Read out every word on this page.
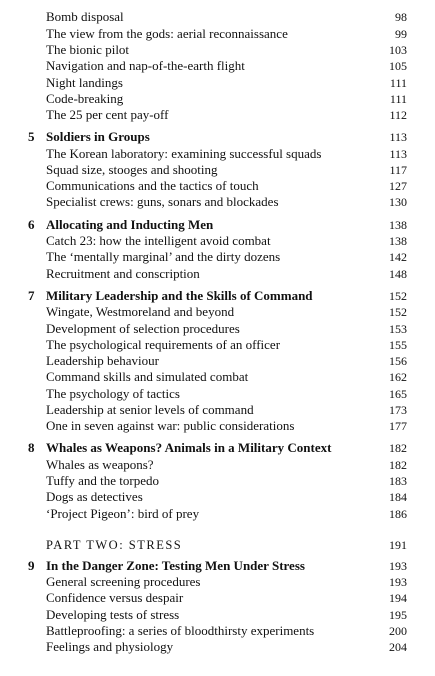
Bomb disposal	98
The view from the gods: aerial reconnaissance	99
The bionic pilot	103
Navigation and nap-of-the-earth flight	105
Night landings	111
Code-breaking	111
The 25 per cent pay-off	112
5 Soldiers in Groups	113
The Korean laboratory: examining successful squads	113
Squad size, stooges and shooting	117
Communications and the tactics of touch	127
Specialist crews: guns, sonars and blockades	130
6 Allocating and Inducting Men	138
Catch 23: how the intelligent avoid combat	138
The ‘mentally marginal’ and the dirty dozens	142
Recruitment and conscription	148
7 Military Leadership and the Skills of Command	152
Wingate, Westmoreland and beyond	152
Development of selection procedures	153
The psychological requirements of an officer	155
Leadership behaviour	156
Command skills and simulated combat	162
The psychology of tactics	165
Leadership at senior levels of command	173
One in seven against war: public considerations	177
8 Whales as Weapons? Animals in a Military Context	182
Whales as weapons?	182
Tuffy and the torpedo	183
Dogs as detectives	184
‘Project Pigeon’: bird of prey	186
PART TWO: STRESS	191
9 In the Danger Zone: Testing Men Under Stress	193
General screening procedures	193
Confidence versus despair	194
Developing tests of stress	195
Battleproofing: a series of bloodthirsty experiments	200
Feelings and physiology	204
